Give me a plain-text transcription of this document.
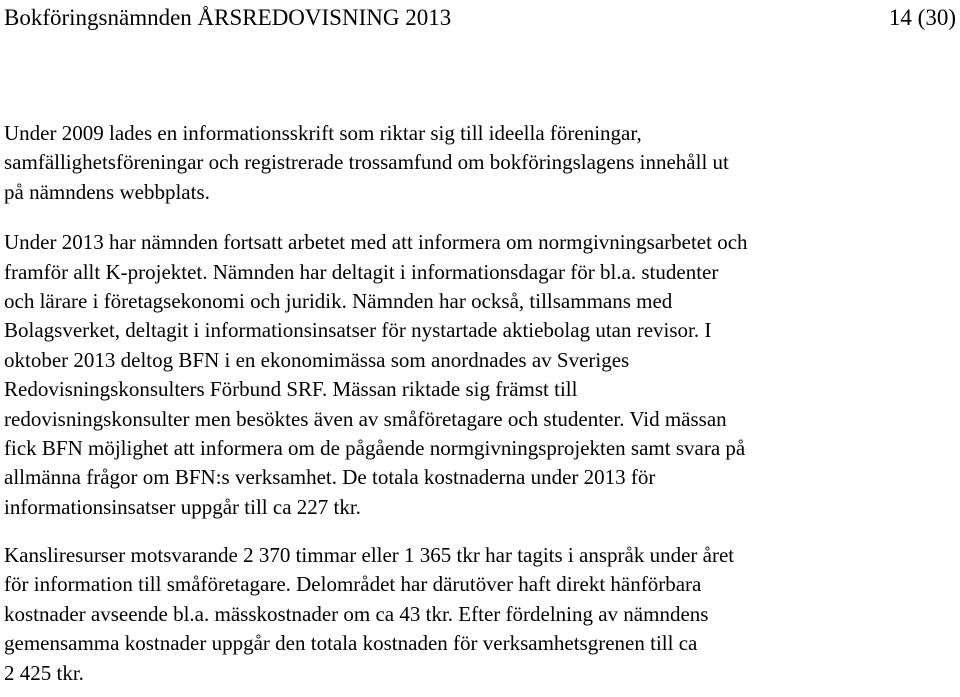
Bokföringsnämnden ÅRSREDOVISNING 2013	14 (30)
Under 2009 lades en informationsskrift som riktar sig till ideella föreningar,
samfällighetsföreningar och registrerade trossamfund om bokföringslagens innehåll ut
på nämndens webbplats.
Under 2013 har nämnden fortsatt arbetet med att informera om normgivningsarbetet och
framför allt K-projektet. Nämnden har deltagit i informationsdagar för bl.a. studenter
och lärare i företagsekonomi och juridik. Nämnden har också, tillsammans med
Bolagsverket, deltagit i informationsinsatser för nystartade aktiebolag utan revisor. I
oktober 2013 deltog BFN i en ekonomimässa som anordnades av Sveriges
Redovisningskonsulters Förbund SRF. Mässan riktade sig främst till
redovisningskonsulter men besöktes även av småföretagare och studenter. Vid mässan
fick BFN möjlighet att informera om de pågående normgivningsprojekten samt svara på
allmänna frågor om BFN:s verksamhet. De totala kostnaderna under 2013 för
informationsinsatser uppgår till ca 227 tkr.
Kansliresurser motsvarande 2 370 timmar eller 1 365 tkr har tagits i anspråk under året
för information till småföretagare. Delområdet har därutöver haft direkt hänförbara
kostnader avseende bl.a. mässkostnader om ca 43 tkr. Efter fördelning av nämndens
gemensamma kostnader uppgår den totala kostnaden för verksamhetsgrenen till ca
2 425 tkr.
